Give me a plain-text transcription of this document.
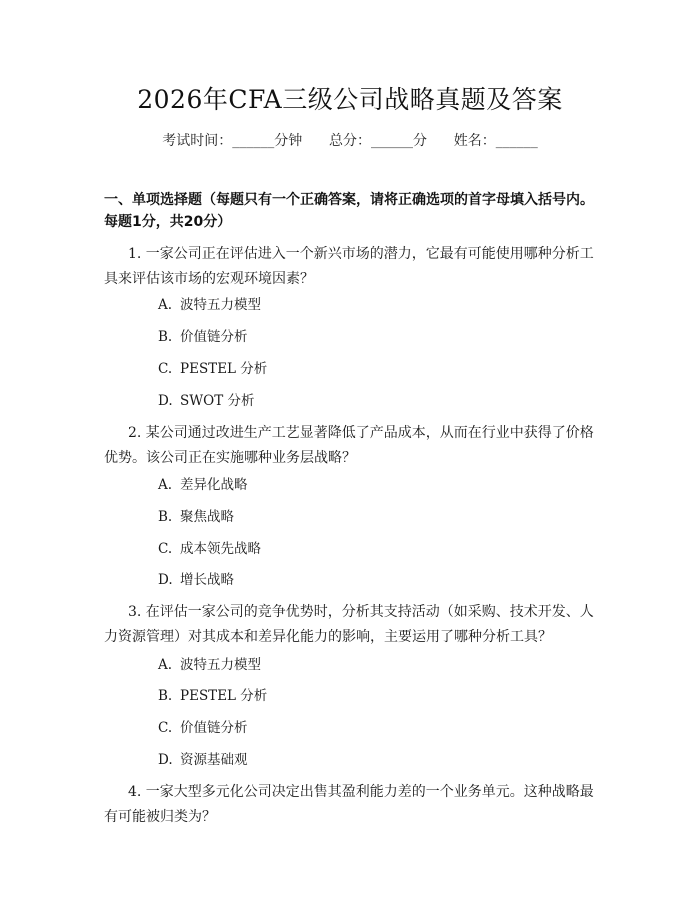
2026年CFA三级公司战略真题及答案
考试时间：______分钟      总分：______分      姓名：______
一、单项选择题（每题只有一个正确答案，请将正确选项的首字母填入括号内。每题1分，共20分）
1. 一家公司正在评估进入一个新兴市场的潜力，它最有可能使用哪种分析工具来评估该市场的宏观环境因素？
A. 波特五力模型
B. 价值链分析
C. PESTEL 分析
D. SWOT 分析
2. 某公司通过改进生产工艺显著降低了产品成本，从而在行业中获得了价格优势。该公司正在实施哪种业务层战略？
A. 差异化战略
B. 聚焦战略
C. 成本领先战略
D. 增长战略
3. 在评估一家公司的竞争优势时，分析其支持活动（如采购、技术开发、人力资源管理）对其成本和差异化能力的影响，主要运用了哪种分析工具？
A. 波特五力模型
B. PESTEL 分析
C. 价值链分析
D. 资源基础观
4. 一家大型多元化公司决定出售其盈利能力差的一个业务单元。这种战略最有可能被归类为？
